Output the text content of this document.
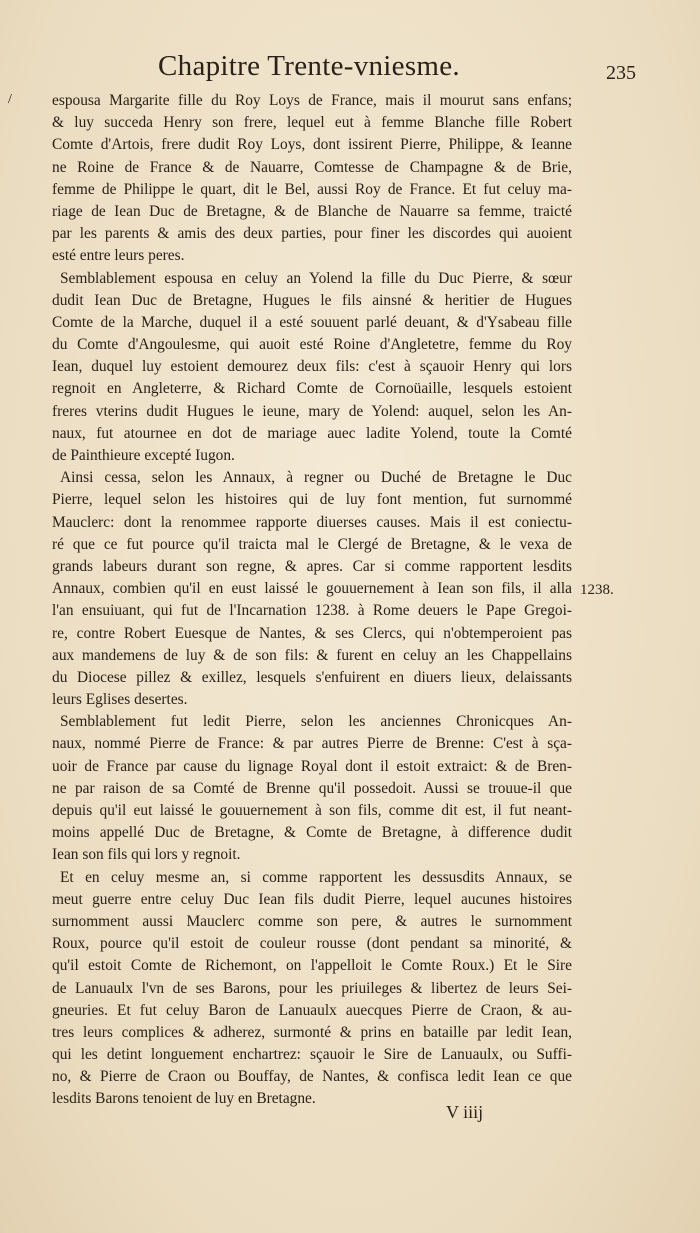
Chapitre Trente-vniesme.	235
/
1238.
espousa Margarite fille du Roy Loys de France, mais il mourut sans enfans;
& luy succeda Henry son frere, lequel eut à femme Blanche fille Robert
Comte d'Artois, frere dudit Roy Loys, dont issirent Pierre, Philippe, & Ieanne
ne Roine de France & de Nauarre, Comtesse de Champagne & de Brie,
femme de Philippe le quart, dit le Bel, aussi Roy de France. Et fut celuy ma-
riage de Iean Duc de Bretagne, & de Blanche de Nauarre sa femme, traicté
par les parents & amis des deux parties, pour finer les discordes qui auoient
esté entre leurs peres.
Semblablement espousa en celuy an Yolend la fille du Duc Pierre, & sœur
dudit Iean Duc de Bretagne, Hugues le fils ainsné & heritier de Hugues
Comte de la Marche, duquel il a esté souuent parlé deuant, & d'Ysabeau fille
du Comte d'Angoulesme, qui auoit esté Roine d'Angletetre, femme du Roy
Iean, duquel luy estoient demourez deux fils: c'est à sçauoir Henry qui lors
regnoit en Angleterre, & Richard Comte de Cornoüaille, lesquels estoient
freres vterins dudit Hugues le ieune, mary de Yolend: auquel, selon les An-
naux, fut atournee en dot de mariage auec ladite Yolend, toute la Comté
de Painthieure excepté Iugon.
Ainsi cessa, selon les Annaux, à regner ou Duché de Bretagne le Duc
Pierre, lequel selon les histoires qui de luy font mention, fut surnommé
Mauclerc: dont la renommee rapporte diuerses causes. Mais il est coniectu-
ré que ce fut pource qu'il traicta mal le Clergé de Bretagne, & le vexa de
grands labeurs durant son regne, & apres. Car si comme rapportent lesdits
Annaux, combien qu'il en eust laissé le gouuernement à Iean son fils, il alla
l'an ensuiuant, qui fut de l'Incarnation 1238. à Rome deuers le Pape Gregoi-
re, contre Robert Euesque de Nantes, & ses Clercs, qui n'obtemperoient pas
aux mandemens de luy & de son fils: & furent en celuy an les Chappellains
du Diocese pillez & exillez, lesquels s'enfuirent en diuers lieux, delaissants
leurs Eglises desertes.
Semblablement fut ledit Pierre, selon les anciennes Chronicques An-
naux, nommé Pierre de France: & par autres Pierre de Brenne: C'est à sça-
uoir de France par cause du lignage Royal dont il estoit extraict: & de Bren-
ne par raison de sa Comté de Brenne qu'il possedoit. Aussi se trouue-il que
depuis qu'il eut laissé le gouuernement à son fils, comme dit est, il fut neant-
moins appellé Duc de Bretagne, & Comte de Bretagne, à difference dudit
Iean son fils qui lors y regnoit.
Et en celuy mesme an, si comme rapportent les dessusdits Annaux, se
meut guerre entre celuy Duc Iean fils dudit Pierre, lequel aucunes histoires
surnomment aussi Mauclerc comme son pere, & autres le surnomment
Roux, pource qu'il estoit de couleur rousse (dont pendant sa minorité, &
qu'il estoit Comte de Richemont, on l'appelloit le Comte Roux.) Et le Sire
de Lanuaulx l'vn de ses Barons, pour les priuileges & libertez de leurs Sei-
gneuries. Et fut celuy Baron de Lanuaulx auecques Pierre de Craon, & au-
tres leurs complices & adherez, surmonté & prins en bataille par ledit Iean,
qui les detint longuement enchartrez: sçauoir le Sire de Lanuaulx, ou Suffi-
no, & Pierre de Craon ou Bouffay, de Nantes, & confisca ledit Iean ce que
lesdits Barons tenoient de luy en Bretagne.
V iiij
